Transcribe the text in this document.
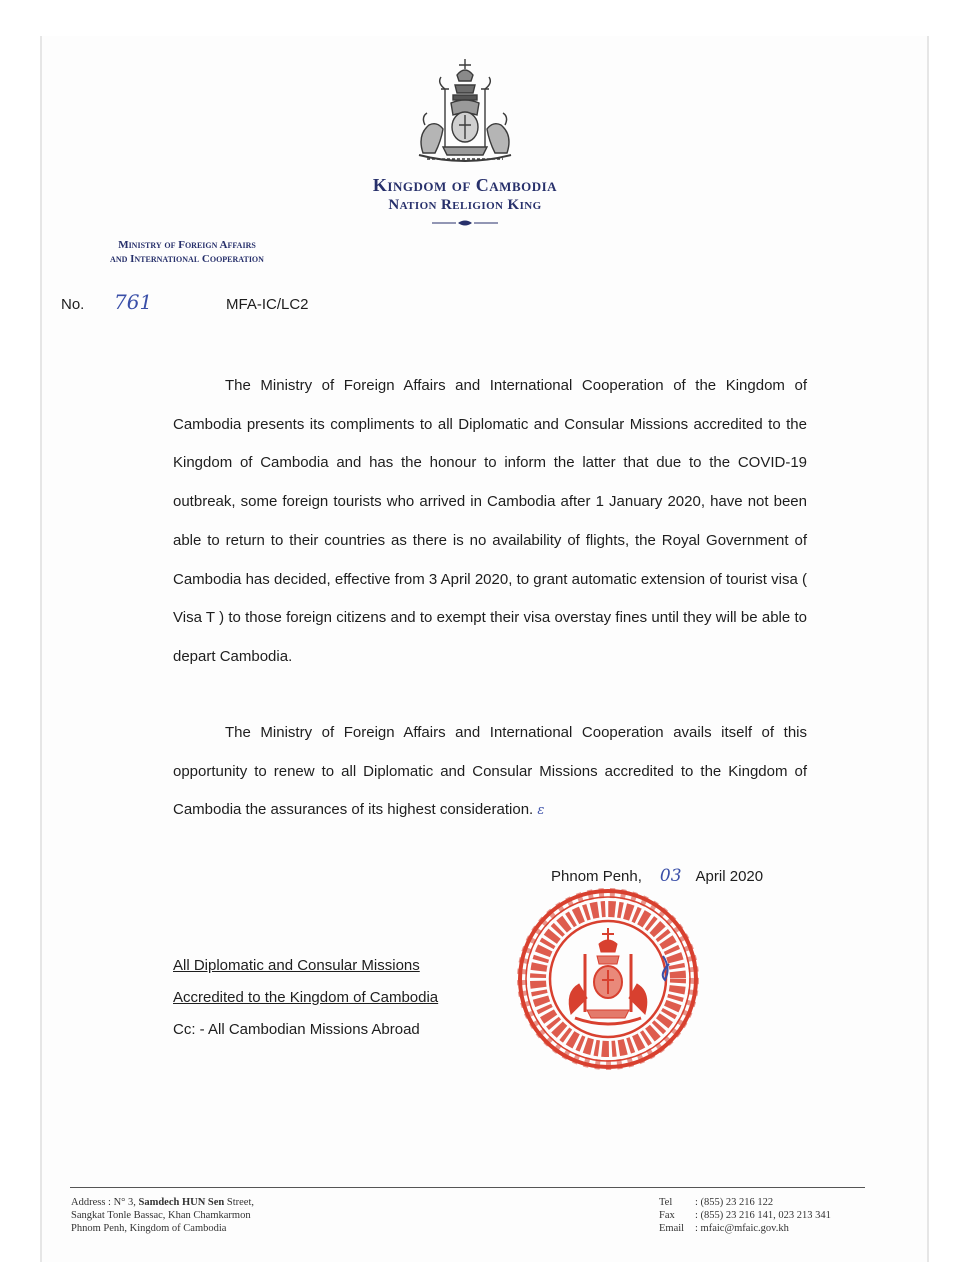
Kingdom of Cambodia
Nation Religion King
Ministry of Foreign Affairs
and International Cooperation
No. 761	MFA-IC/LC2
The Ministry of Foreign Affairs and International Cooperation of the Kingdom of Cambodia presents its compliments to all Diplomatic and Consular Missions accredited to the Kingdom of Cambodia and has the honour to inform the latter that due to the COVID-19 outbreak, some foreign tourists who arrived in Cambodia after 1 January 2020, have not been able to return to their countries as there is no availability of flights, the Royal Government of Cambodia has decided, effective from 3 April 2020, to grant automatic extension of tourist visa ( Visa T ) to those foreign citizens and to exempt their visa overstay fines until they will be able to depart Cambodia.
The Ministry of Foreign Affairs and International Cooperation avails itself of this opportunity to renew to all Diplomatic and Consular Missions accredited to the Kingdom of Cambodia the assurances of its highest consideration. ɛ
Phnom Penh, 03 April 2020
All Diplomatic and Consular Missions
Accredited to the Kingdom of Cambodia
Cc: - All Cambodian Missions Abroad
Address : N° 3, Samdech HUN Sen Street,
Sangkat Tonle Bassac, Khan Chamkarmon
Phnom Penh, Kingdom of Cambodia
Tel : (855) 23 216 122
Fax : (855) 23 216 141, 023 213 341
Email : mfaic@mfaic.gov.kh
